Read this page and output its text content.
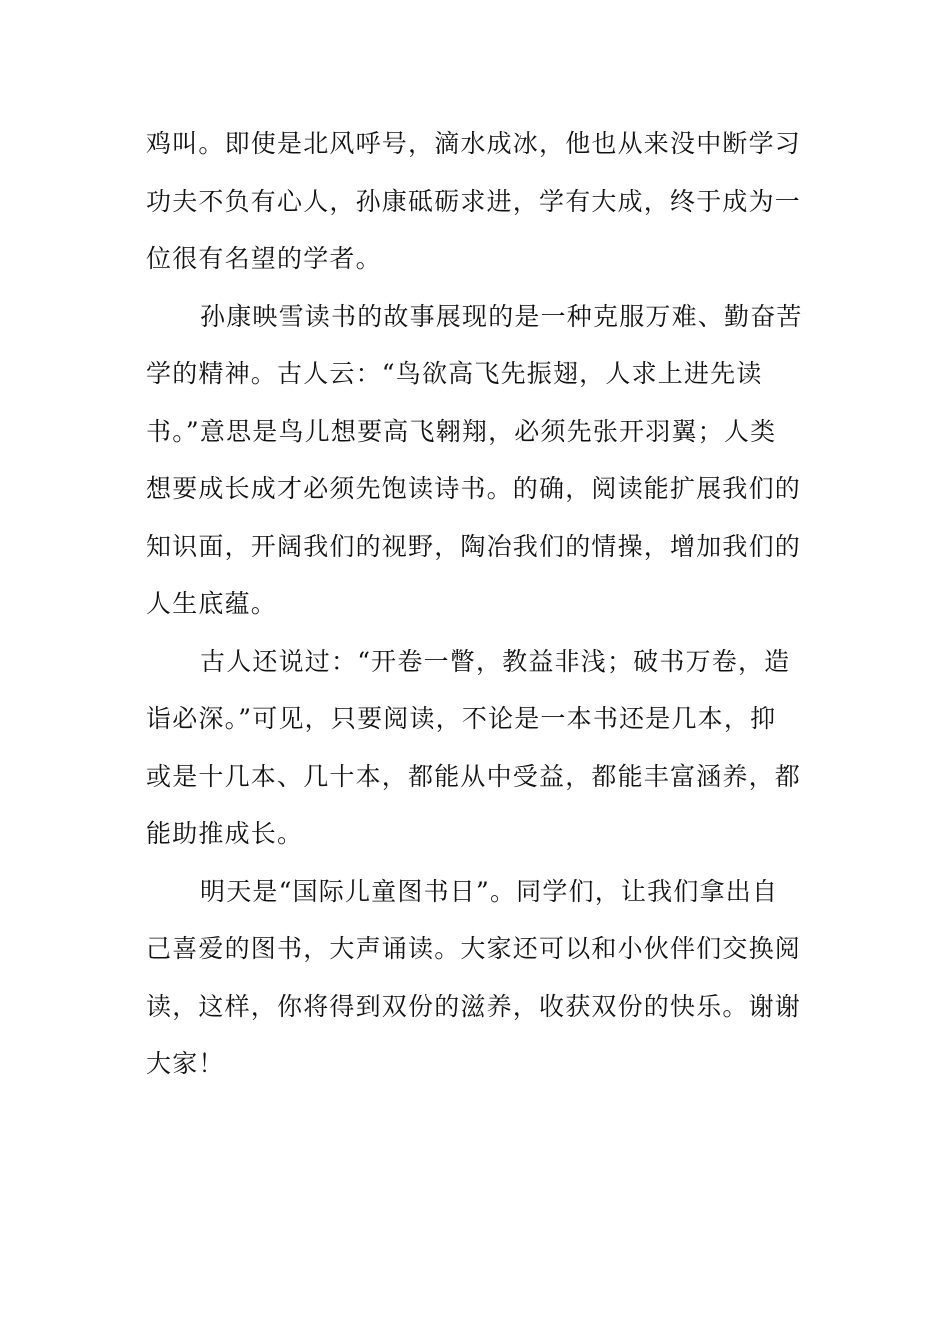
鸡叫。即使是北风呼号，滴水成冰，他也从来没中断学习
功夫不负有心人，孙康砥砺求进，学有大成，终于成为一
位很有名望的学者。
孙康映雪读书的故事展现的是一种克服万难、勤奋苦
学的精神。古人云：“鸟欲高飞先振翅，人求上进先读
书。”意思是鸟儿想要高飞翱翔，必须先张开羽翼；人类
想要成长成才必须先饱读诗书。的确，阅读能扩展我们的
知识面，开阔我们的视野，陶冶我们的情操，增加我们的
人生底蕴。
古人还说过：“开卷一瞥，教益非浅；破书万卷，造
诣必深。”可见，只要阅读，不论是一本书还是几本，抑
或是十几本、几十本，都能从中受益，都能丰富涵养，都
能助推成长。
明天是“国际儿童图书日”。同学们，让我们拿出自
己喜爱的图书，大声诵读。大家还可以和小伙伴们交换阅
读，这样，你将得到双份的滋养，收获双份的快乐。谢谢
大家！
